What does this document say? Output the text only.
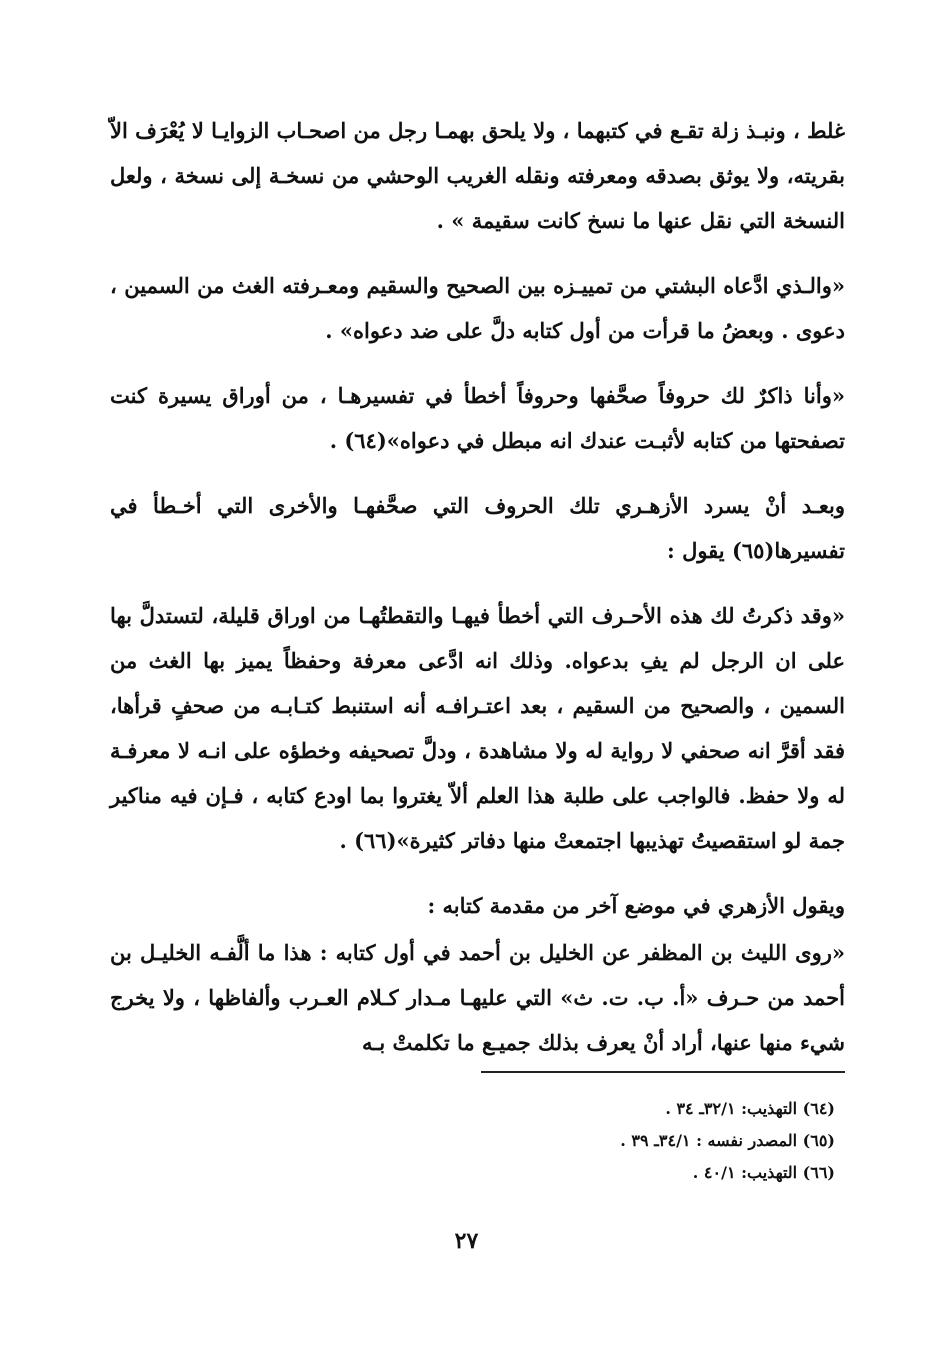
غلط ، ونبـذ زلة تقـع في كتبهما ، ولا يلحق بهمـا رجل من اصحـاب الزوايـا لا يُعْرَف الاّ بقريته، ولا يوثق بصدقه ومعرفته ونقله الغريب الوحشي من نسخـة إلى نسخة ، ولعل النسخة التي نقل عنها ما نسخ كانت سقيمة » .

«والـذي ادَّعاه البشتي من تمييـزه بين الصحيح والسقيم ومعـرفته الغث من السمين ، دعوى . وبعضُ ما قرأت من أول كتابه دلَّ على ضد دعواه» .

«وأنا ذاكرٌ لك حروفاً صحَّفها وحروفاً أخطأ في تفسيرهـا ، من أوراق يسيرة كنت تصفحتها من كتابه لأثبـت عندك انه مبطل في دعواه»(٦٤) .

وبعـد أنْ يسرد الأزهـري تلك الحروف التي صحَّفهـا والأخرى التي أخـطأ في تفسيرها(٦٥) يقول :

«وقد ذكرتُ لك هذه الأحـرف التي أخطأ فيهـا والتقطتُهـا من اوراق قليلة، لتستدلَّ بها على ان الرجل لم يفِ بدعواه. وذلك انه ادَّعى معرفة وحفظاً يميز بها الغث من السمين ، والصحيح من السقيم ، بعد اعتـرافـه أنه استنبط كتـابـه من صحفٍ قرأها، فقد أقرَّ انه صحفي لا رواية له ولا مشاهدة ، ودلَّ تصحيفه وخطؤه على انـه لا معرفـة له ولا حفظ. فالواجب على طلبة هذا العلم ألاّ يغتروا بما اودع كتابه ، فـإن فيه مناكير جمة لو استقصيتُ تهذيبها اجتمعتْ منها دفاتر كثيرة»(٦٦) .

ويقول الأزهري في موضع آخر من مقدمة كتابه :

«روى الليث بن المظفر عن الخليل بن أحمد في أول كتابه : هذا ما ألَّفـه الخليـل بن أحمد من حـرف «أ. ب. ت. ث» التي عليهـا مـدار كـلام العـرب وألفاظها ، ولا يخرج شيء منها عنها، أراد أنْ يعرف بذلك جميـع ما تكلمتْ بـه

(٦٤) التهذيب: ٣٢/١ـ ٣٤ .

(٦٥) المصدر نفسه : ٣٤/١ـ ٣٩ .

(٦٦) التهذيب: ٤٠/١ .

٢٧
